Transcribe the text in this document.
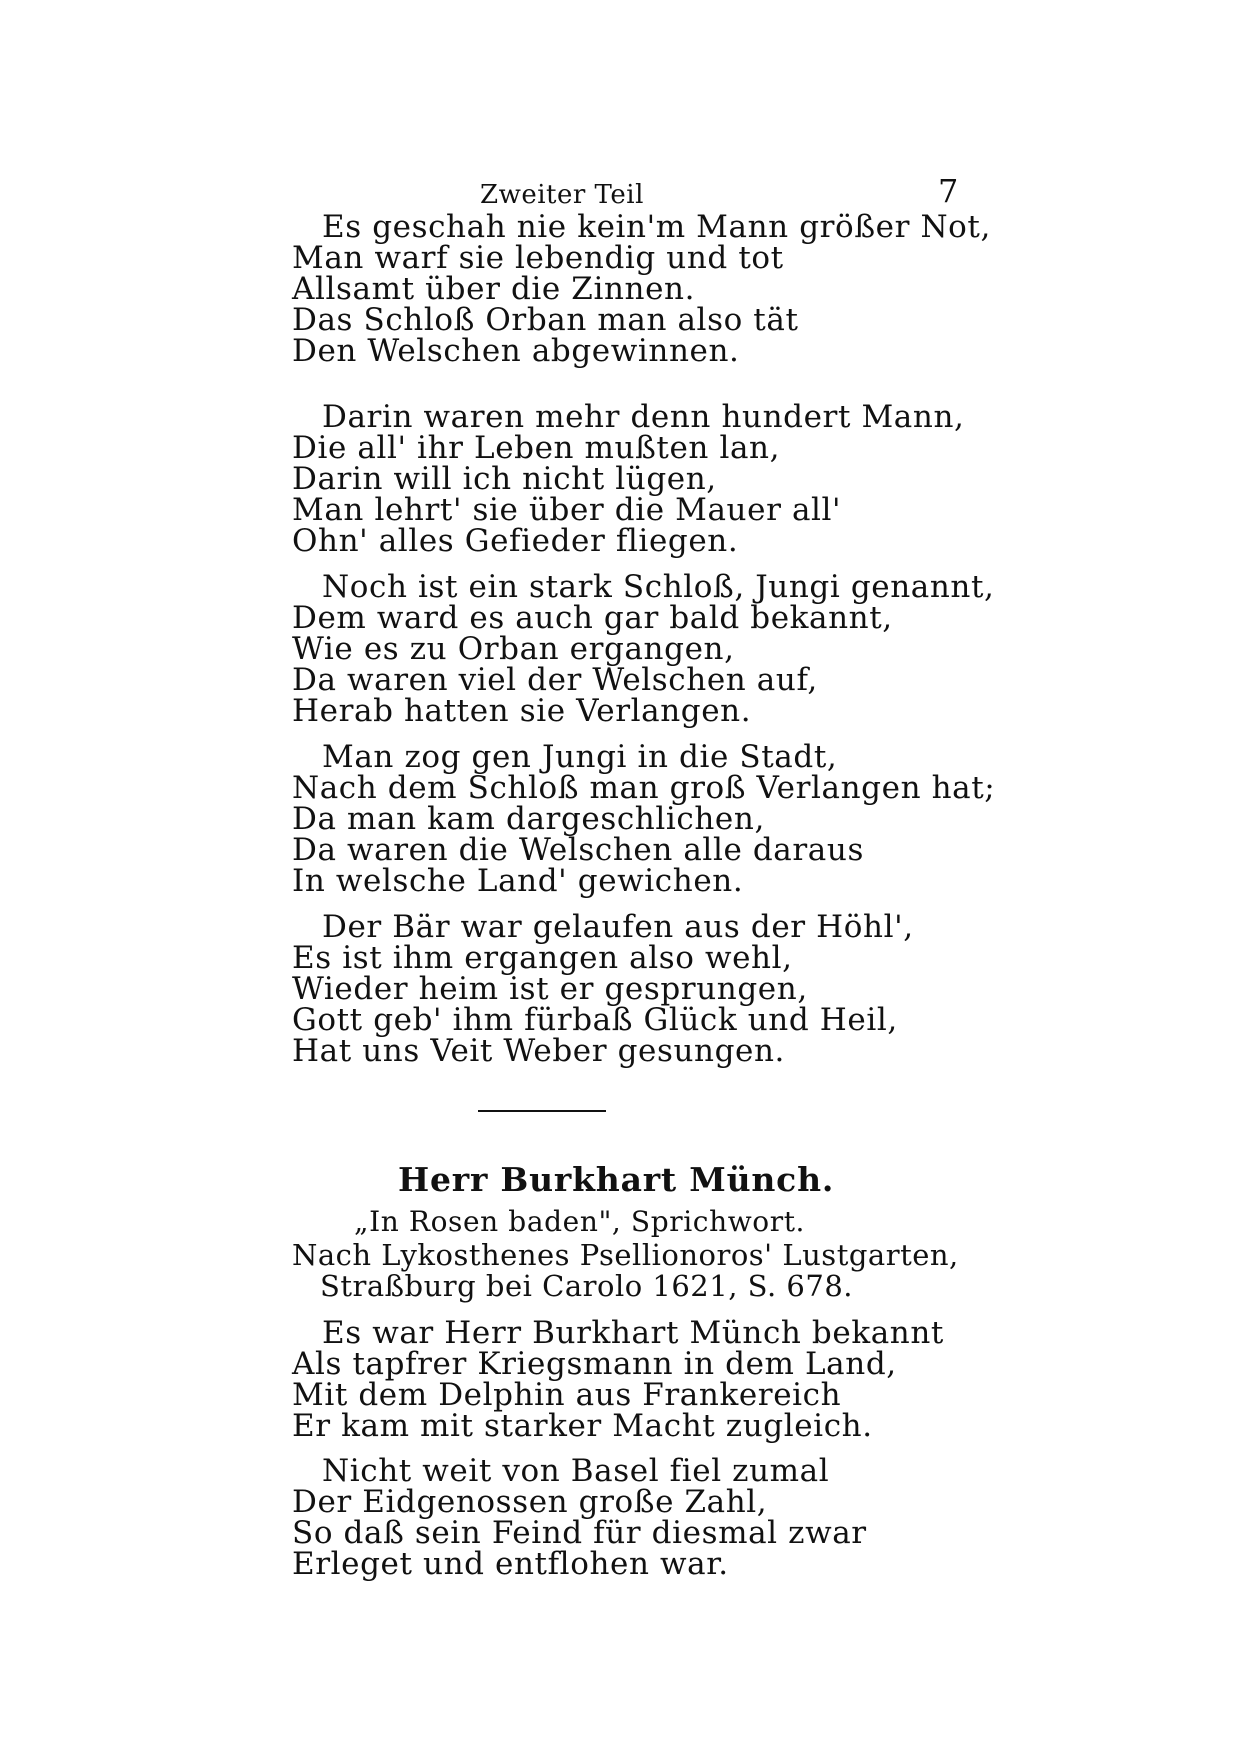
Zweiter Teil	7
Es geschah nie kein'm Mann größer Not,
Man warf sie lebendig und tot
Allsamt über die Zinnen.
Das Schloß Orban man also tät
Den Welschen abgewinnen.
Darin waren mehr denn hundert Mann,
Die all' ihr Leben mußten lan,
Darin will ich nicht lügen,
Man lehrt' sie über die Mauer all'
Ohn' alles Gefieder fliegen.
Noch ist ein stark Schloß, Jungi genannt,
Dem ward es auch gar bald bekannt,
Wie es zu Orban ergangen,
Da waren viel der Welschen auf,
Herab hatten sie Verlangen.
Man zog gen Jungi in die Stadt,
Nach dem Schloß man groß Verlangen hat;
Da man kam dargeschlichen,
Da waren die Welschen alle daraus
In welsche Land' gewichen.
Der Bär war gelaufen aus der Höhl',
Es ist ihm ergangen also wehl,
Wieder heim ist er gesprungen,
Gott geb' ihm fürbaß Glück und Heil,
Hat uns Veit Weber gesungen.
Herr Burkhart Münch.
„In Rosen baden", Sprichwort.
Nach Lykosthenes Psellionoros' Lustgarten,
Straßburg bei Carolo 1621, S. 678.
Es war Herr Burkhart Münch bekannt
Als tapfrer Kriegsmann in dem Land,
Mit dem Delphin aus Frankereich
Er kam mit starker Macht zugleich.
Nicht weit von Basel fiel zumal
Der Eidgenossen große Zahl,
So daß sein Feind für diesmal zwar
Erleget und entflohen war.
